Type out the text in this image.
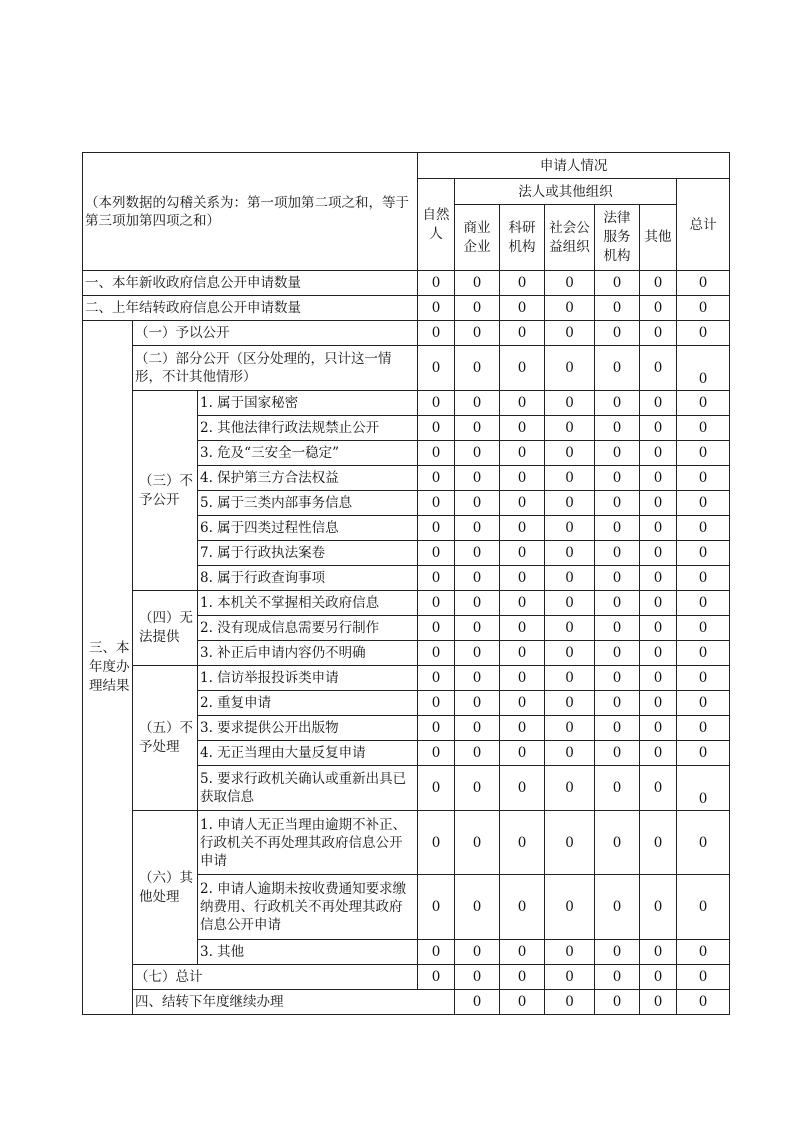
（本列数据的勾稽关系为：第一项加第二项之和，等于第三项加第四项之和）			申请人情况							
			自然人	法人或其他组织					总计	
				商业企业	科研机构	社会公益组织	法律服务机构	其他		
一、本年新收政府信息公开申请数量			0	0	0	0	0	0	0	
二、上年结转政府信息公开申请数量			0	0	0	0	0	0	0	
三、本年度办理结果	（一）予以公开		0	0	0	0	0	0	0	
	（二）部分公开（区分处理的，只计这一情形，不计其他情形）		0	0	0	0	0	0	0	
	（三）不予公开	1. 属于国家秘密	0	0	0	0	0	0	0	
		2. 其他法律行政法规禁止公开	0	0	0	0	0	0	0	
		3. 危及“三安全一稳定”	0	0	0	0	0	0	0	
		4. 保护第三方合法权益	0	0	0	0	0	0	0	
		5. 属于三类内部事务信息	0	0	0	0	0	0	0	
		6. 属于四类过程性信息	0	0	0	0	0	0	0	
		7. 属于行政执法案卷	0	0	0	0	0	0	0	
		8. 属于行政查询事项	0	0	0	0	0	0	0	
	（四）无法提供	1. 本机关不掌握相关政府信息	0	0	0	0	0	0	0	
		2. 没有现成信息需要另行制作	0	0	0	0	0	0	0	
		3. 补正后申请内容仍不明确	0	0	0	0	0	0	0	
	（五）不予处理	1. 信访举报投诉类申请	0	0	0	0	0	0	0	
		2. 重复申请	0	0	0	0	0	0	0	
		3. 要求提供公开出版物	0	0	0	0	0	0	0	
		4. 无正当理由大量反复申请	0	0	0	0	0	0	0	
		5. 要求行政机关确认或重新出具已获取信息	0	0	0	0	0	0	0	
	（六）其他处理	1. 申请人无正当理由逾期不补正、行政机关不再处理其政府信息公开申请	0	0	0	0	0	0	0	
		2. 申请人逾期未按收费通知要求缴纳费用、行政机关不再处理其政府信息公开申请	0	0	0	0	0	0	0	
		3. 其他	0	0	0	0	0	0	0	
	（七）总计		0	0	0	0	0	0	0	
	四、结转下年度继续办理			0	0	0	0	0	0	
